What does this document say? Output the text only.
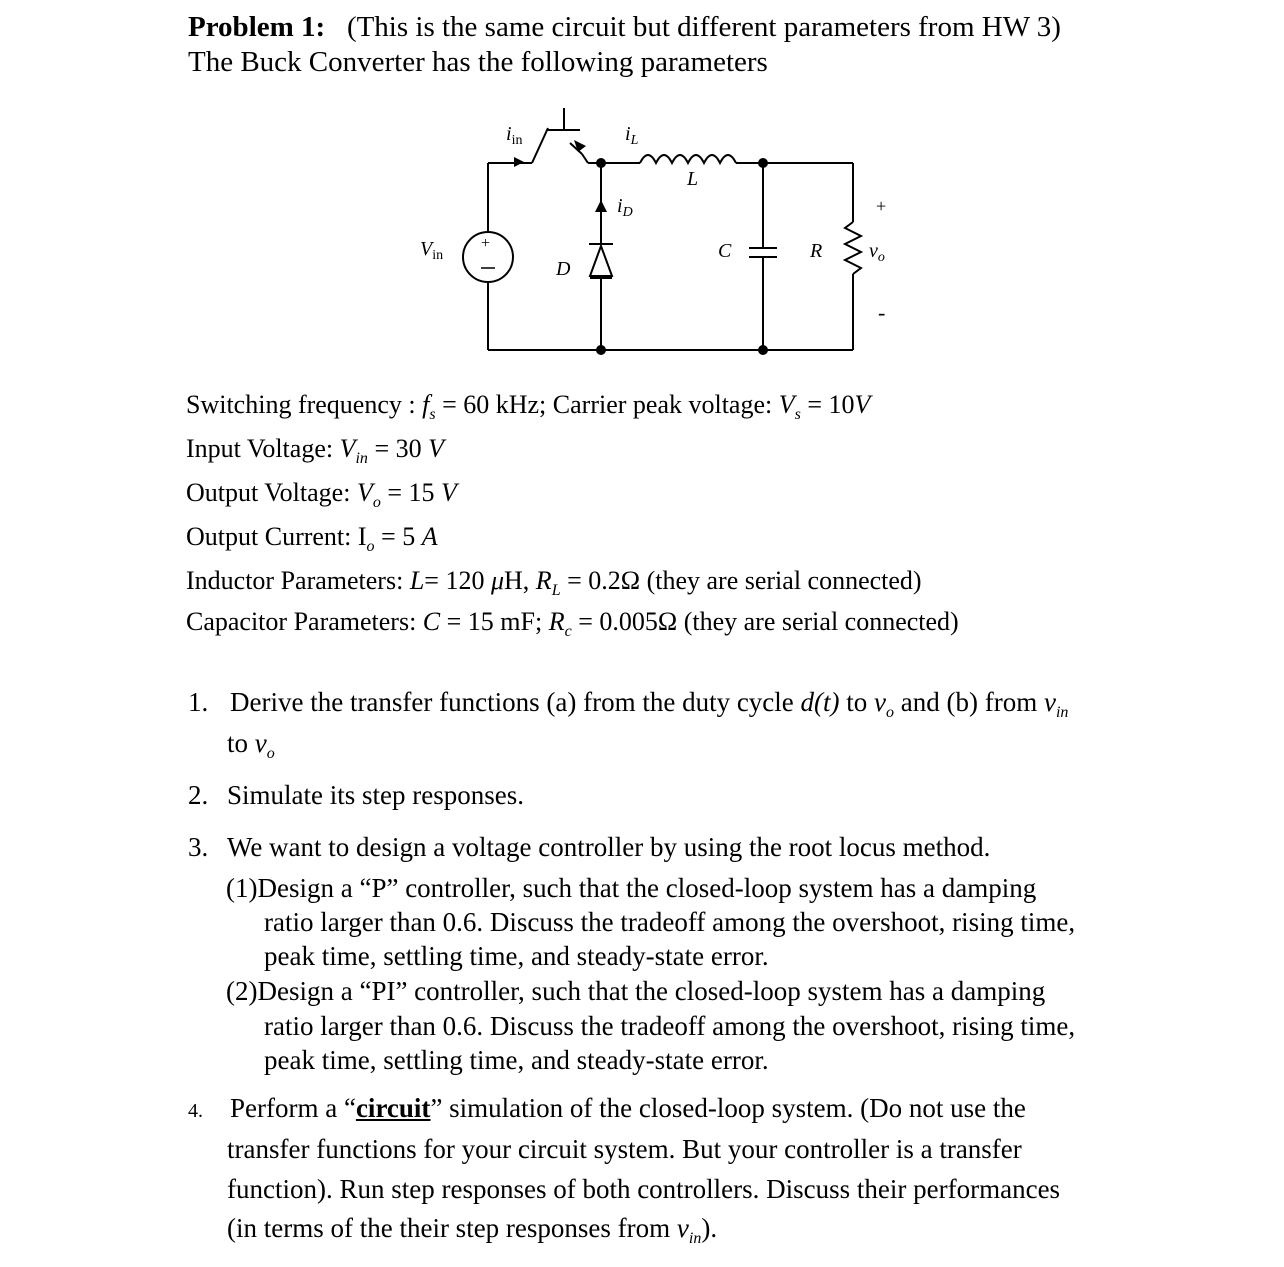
Problem 1: (This is the same circuit but different parameters from HW 3)
The Buck Converter has the following parameters
$i_{in}$	$i_L$
L
$i_D$
$V_{in}$
+
D
C	R
+
$v_o$
-
Switching frequency : $f_s = 60$ kHz; Carrier peak voltage: $V_s = 10V$
Input Voltage: $V_{in} = 30$ V
Output Voltage: $V_o = 15$ V
Output Current: $I_o = 5$ A
Inductor Parameters: L= 120 μH, $R_L = 0.2\Omega$ (they are serial connected)
Capacitor Parameters: C = 15 mF; $R_c = 0.005\Omega$ (they are serial connected)
1. Derive the transfer functions (a) from the duty cycle d(t) to $v_o$ and (b) from $v_{in}$
to $v_o$
2. Simulate its step responses.
3. We want to design a voltage controller by using the root locus method.
(1)Design a “P” controller, such that the closed-loop system has a damping
ratio larger than 0.6. Discuss the tradeoff among the overshoot, rising time,
peak time, settling time, and steady-state error.
(2)Design a “PI” controller, such that the closed-loop system has a damping
ratio larger than 0.6. Discuss the tradeoff among the overshoot, rising time,
peak time, settling time, and steady-state error.
4. Perform a “circuit” simulation of the closed-loop system. (Do not use the
transfer functions for your circuit system. But your controller is a transfer
function). Run step responses of both controllers. Discuss their performances
(in terms of the their step responses from $v_{in}$).
